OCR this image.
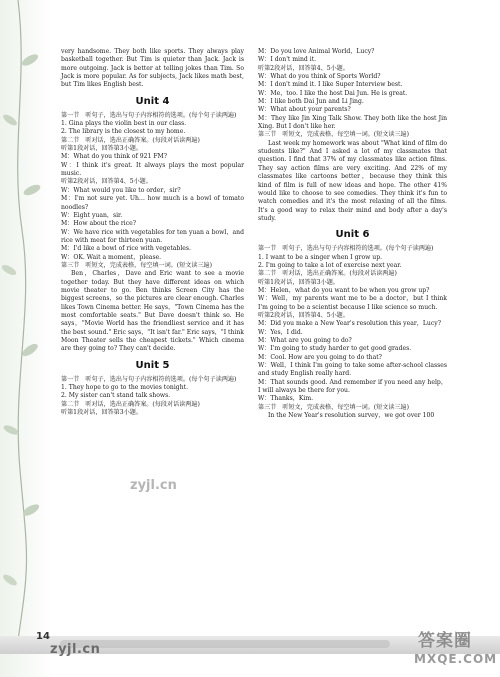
very handsome. They both like sports. They always play basketball together. But Tim is quieter than Jack. Jack is more outgoing. Jack is better at telling jokes than Tim. So Jack is more popular. As for subjects, Jack likes math best, but Tim likes English best.
Unit 4
第一节　听句子，选出与句子内容相符的选项。(每个句子读两遍)
1. Gina plays the violin best in our class.
2. The library is the closest to my home.
第二节　听对话，选出正确答案。(每段对话读两遍)
听第1段对话，回答第3小题。
M：What do you think of 921 FM?
W：I think it's great. It always plays the most popular music.
听第2段对话，回答第4、5小题。
W：What would you like to order，sir?
M：I'm not sure yet. Uh… how much is a bowl of tomato noodles?
W：Eight yuan，sir.
M：How about the rice?
W：We have rice with vegetables for ten yuan a bowl，and rice with meat for thirteen yuan.
M：I'd like a bowl of rice with vegetables.
W：OK. Wait a moment，please.
第三节　听短文，完成表格，每空填一词。(短文读三遍)
Ben，Charles，Dave and Eric want to see a movie together today. But they have different ideas on which movie theater to go. Ben thinks Screen City has the biggest screens，so the pictures are clear enough. Charles likes Town Cinema better. He says，"Town Cinema has the most comfortable seats." But Dave doesn't think so. He says，"Movie World has the friendliest service and it has the best sound." Eric says，"It isn't far." Eric says，"I think Moon Theater sells the cheapest tickets." Which cinema are they going to? They can't decide.
Unit 5
第一节　听句子，选出与句子内容相符的选项。(每个句子读两遍)
1. They hope to go to the movies tonight.
2. My sister can't stand talk shows.
第二节　听对话，选出正确答案。(每段对话读两遍)
听第1段对话，回答第3小题。
M：Do you love Animal World，Lucy?
W：I don't mind it.
听第2段对话，回答第4、5小题。
W：What do you think of Sports World?
M：I don't mind it. I like Super Interview best.
W：Me，too. I like the host Dai Jun. He is great.
M：I like both Dai Jun and Li Jing.
W：What about your parents?
M：They like Jin Xing Talk Show. They both like the host Jin Xing. But I don't like her.
第三节　听短文，完成表格，每空填一词。(短文读三遍)
Last week my homework was about "What kind of film do students like?" And I asked a lot of my classmates that question. I find that 37% of my classmates like action films. They say action films are very exciting. And 22% of my classmates like cartoons better，because they think this kind of film is full of new ideas and hope. The other 41% would like to choose to see comedies. They think it's fun to watch comedies and it's the most relaxing of all the films. It's a good way to relax their mind and body after a day's study.
Unit 6
第一节　听句子，选出与句子内容相符的选项。(每个句子读两遍)
1. I want to be a singer when I grow up.
2. I'm going to take a lot of exercise next year.
第二节　听对话，选出正确答案。(每段对话读两遍)
听第1段对话，回答第3小题。
M：Helen，what do you want to be when you grow up?
W：Well，my parents want me to be a doctor，but I think I'm going to be a scientist because I like science so much.
听第2段对话，回答第4、5小题。
M：Did you make a New Year's resolution this year，Lucy?
W：Yes，I did.
M：What are you going to do?
W：I'm going to study harder to get good grades.
M：Cool. How are you going to do that?
W：Well，I think I'm going to take some after-school classes and study English really hard.
M：That sounds good. And remember if you need any help，I will always be there for you.
W：Thanks，Kim.
第三节　听短文，完成表格，每空填一词。(短文读三遍)
In the New Year's resolution survey，we got over 100
zyjl.cn
14
zyjl.cn	答案圈
MXQE.COM
